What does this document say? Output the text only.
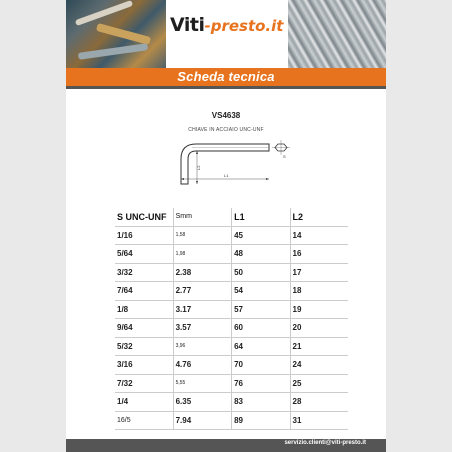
Viti-presto.it
Scheda tecnica
VS4638
CHIAVE IN ACCIAIO UNC-UNF
L1
L2
S
S UNC-UNF	Smm	L1	L2
1/16	1,58	45	14
5/64	1,98	48	16
3/32	2.38	50	17
7/64	2.77	54	18
1/8	3.17	57	19
9/64	3.57	60	20
5/32	3,96	64	21
3/16	4.76	70	24
7/32	5,55	76	25
1/4	6.35	83	28
16/5	7.94	89	31
servizio.clienti@viti-presto.it
